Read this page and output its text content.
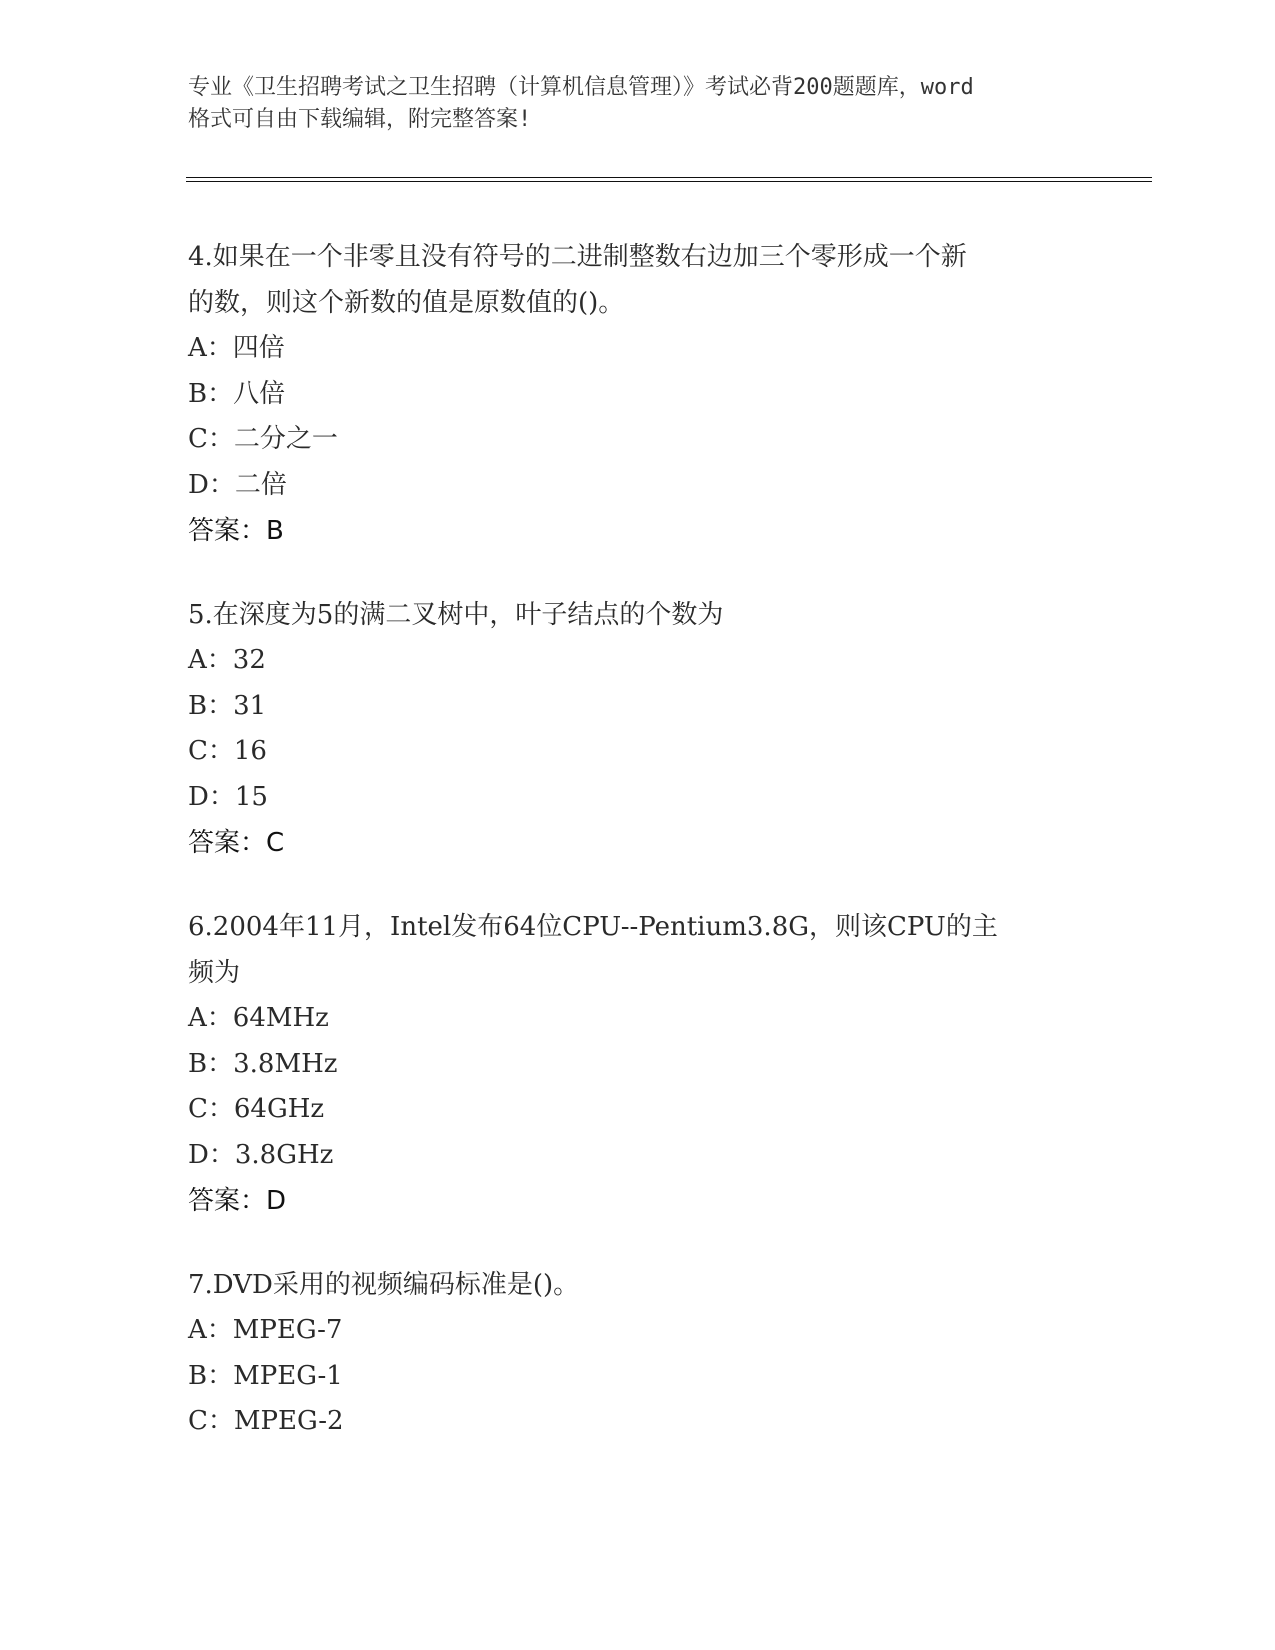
专业《卫生招聘考试之卫生招聘（计算机信息管理）》考试必背200题题库，word
格式可自由下载编辑，附完整答案!
4.如果在一个非零且没有符号的二进制整数右边加三个零形成一个新
的数，则这个新数的值是原数值的()。
A：四倍
B：八倍
C：二分之一
D：二倍
答案：B
5.在深度为5的满二叉树中，叶子结点的个数为
A：32
B：31
C：16
D：15
答案：C
6.2004年11月，Intel发布64位CPU--Pentium3.8G，则该CPU的主
频为
A：64MHz
B：3.8MHz
C：64GHz
D：3.8GHz
答案：D
7.DVD采用的视频编码标准是()。
A：MPEG-7
B：MPEG-1
C：MPEG-2
